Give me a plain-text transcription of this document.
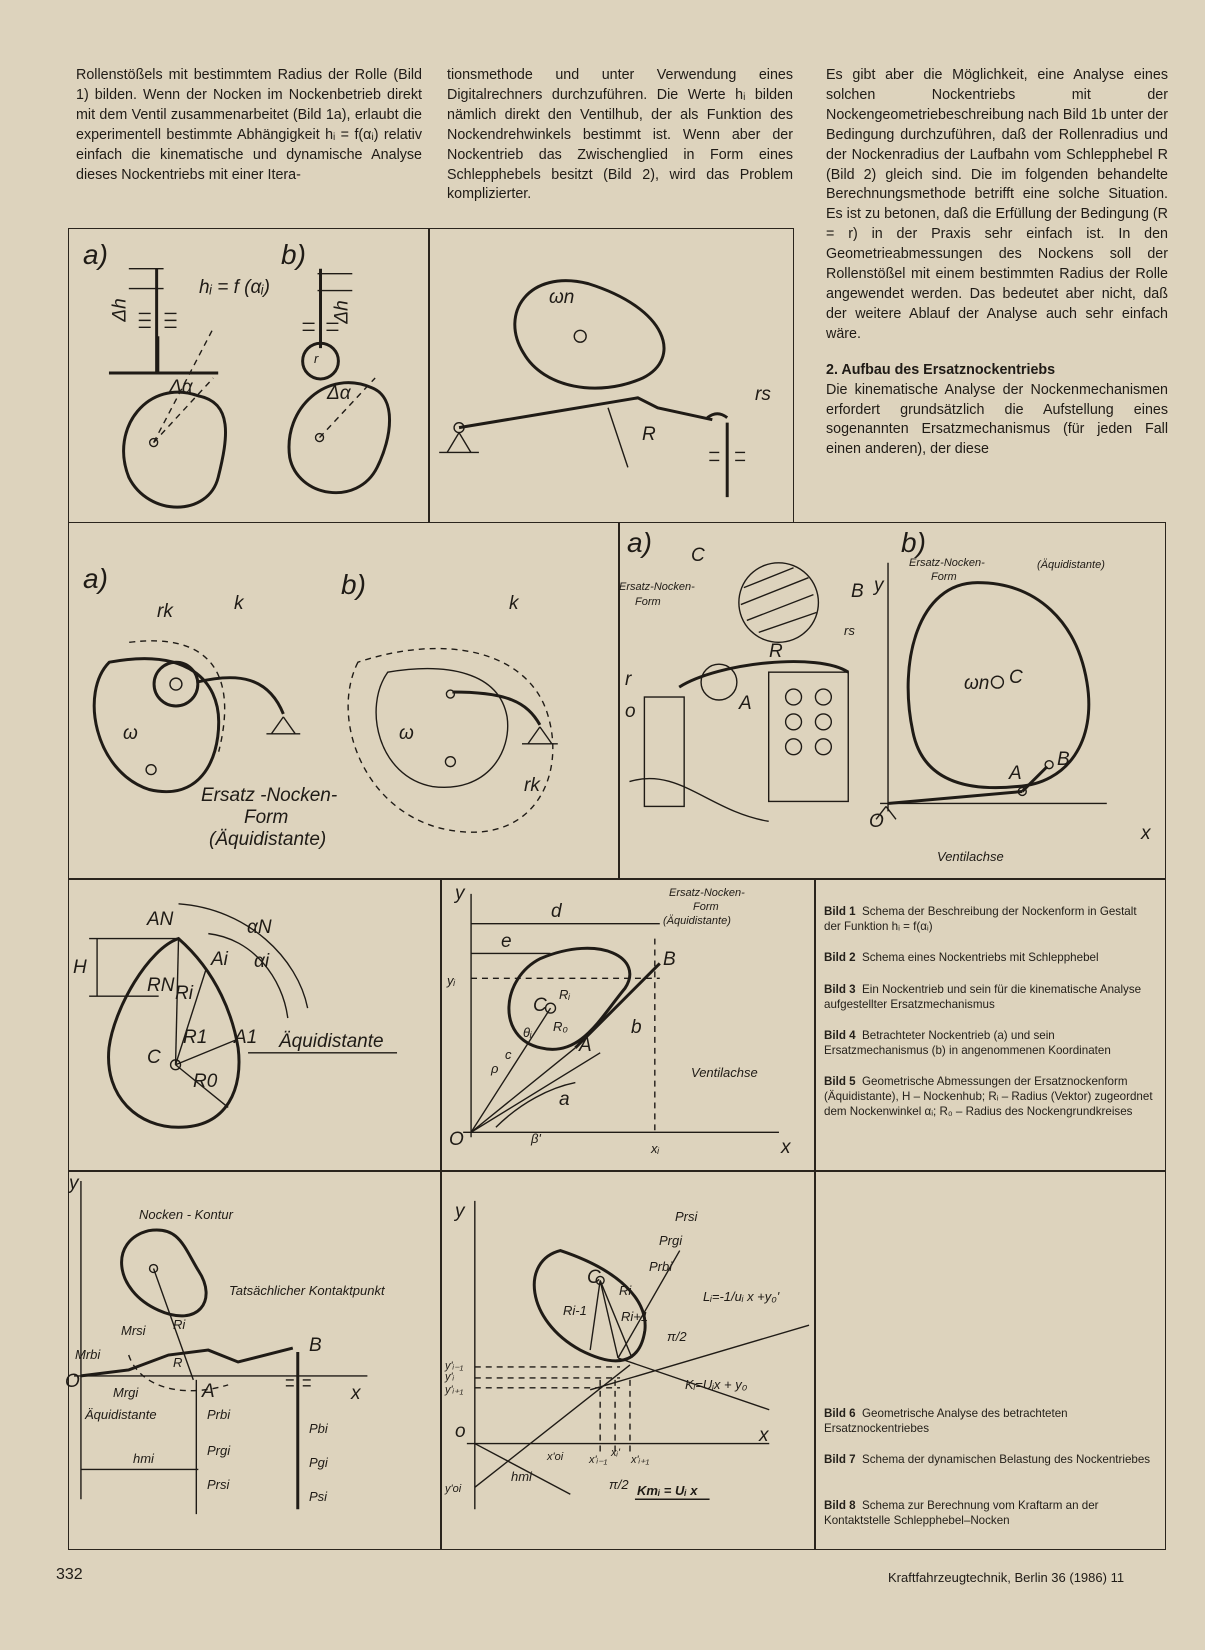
Rollenstößels mit bestimmtem Radius der Rolle (Bild 1) bilden. Wenn der Nocken im Nockenbetrieb direkt mit dem Ventil zusammenarbeitet (Bild 1a), erlaubt die experimentell bestimmte Abhängigkeit hᵢ = f(αᵢ) relativ einfach die kinematische und dynamische Analyse dieses Nockentriebs mit einer Itera-

tionsmethode und unter Verwendung eines Digitalrechners durchzuführen. Die Werte hᵢ bilden nämlich direkt den Ventilhub, der als Funktion des Nockendrehwinkels bestimmt ist. Wenn aber der Nockentrieb das Zwischenglied in Form eines Schlepphebels besitzt (Bild 2), wird das Problem komplizierter.

Es gibt aber die Möglichkeit, eine Analyse eines solchen Nockentriebs mit der Nockengeometriebeschreibung nach Bild 1b unter der Bedingung durchzuführen, daß der Rollenradius und der Nockenradius der Laufbahn vom Schlepphebel R (Bild 2) gleich sind. Die im folgenden behandelte Berechnungsmethode betrifft eine solche Situation. Es ist zu betonen, daß die Erfüllung der Bedingung (R = r) in der Praxis sehr einfach ist. In den Geometrieabmessungen des Nockens soll der Rollenstößel mit einem bestimmten Radius der Rolle angewendet werden. Das bedeutet aber nicht, daß der weitere Ablauf der Analyse auch sehr einfach wäre.

2. Aufbau des Ersatznockentriebs

Die kinematische Analyse der Nockenmechanismen erfordert grundsätzlich die Aufstellung eines sogenannten Ersatzmechanismus (für jeden Fall einen anderen), der diese

a)	b)
hᵢ = f (αᵢ)
Δh	Δh
Δα	Δα
r
ωn
R
rs
a)	b)
rk	k	k
ω	ω
rk
Ersatz -Nocken-
Form
(Äquidistante)
a)	b)
C
B
R
rs
r
o	A
Ersatz-Nocken-
Form
Ersatz-Nocken-
Form
(Äquidistante)
y
ωn C
A
B
O
x
Ventilachse
AN
H
RN
Ai
Ri
αN
αi
C
R1 A1
R0
Äquidistante
y
d
e
yᵢ
Ersatz-Nocken-
Form
(Äquidistante)
B
C
Rᵢ
R₀
θᵢ
A
b
c
ρ
a
β'
Ventilachse
O	xᵢ	x
y
Nocken - Kontur
Tatsächlicher Kontaktpunkt
Mrsi
Mrbi
Mrgi
O
Ri
R
A
B
x
Äquidistante	Prbi
hmi
Prgi
Prsi
Pbi
Pgi
Psi
y	Prsi
Prgi
Prbi
C
Ri
Ri-1	Ri+1
Lᵢ=-1/uᵢ x +y₀'
π/2
y'ᵢ₋₁
y'ᵢ
y'ᵢ₊₁	Kᵢ=Uᵢx + y₀
o	x
x'oi x'ᵢ₋₁
xᵢ'
x'ᵢ₊₁
y'oi
hmi
π/2 Kmᵢ = Uᵢ x
Bild 1 Schema der Beschreibung der Nockenform in Gestalt der Funktion hᵢ = f(αᵢ)
Bild 2 Schema eines Nockentriebs mit Schlepphebel
Bild 3 Ein Nockentrieb und sein für die kinematische Analyse aufgestellter Ersatzmechanismus
Bild 4 Betrachteter Nockentrieb (a) und sein Ersatzmechanismus (b) in angenommenen Koordinaten
Bild 5 Geometrische Abmessungen der Ersatznockenform (Äquidistante), H – Nockenhub; Rᵢ – Radius (Vektor) zugeordnet dem Nockenwinkel αᵢ; R₀ – Radius des Nockengrundkreises
Bild 6 Geometrische Analyse des betrachteten Ersatznockentriebes
Bild 7 Schema der dynamischen Belastung des Nockentriebes
Bild 8 Schema zur Berechnung vom Kraftarm an der Kontaktstelle Schlepphebel–Nocken
332	Kraftfahrzeugtechnik, Berlin 36 (1986) 11
